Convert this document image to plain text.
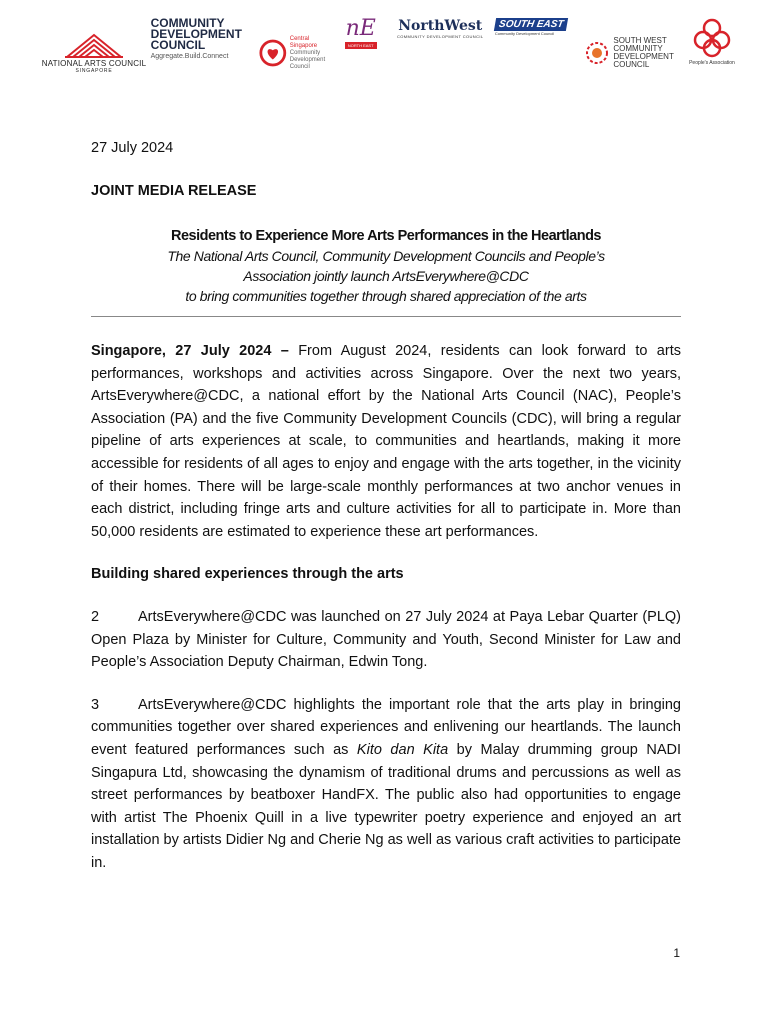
NATIONAL ARTS COUNCIL
SINGAPORE
COMMUNITY
DEVELOPMENT
COUNCIL
Aggregate.Build.Connect
Central
Singapore
Community
Development
Council
nE
NORTH EAST
NorthWest
COMMUNITY DEVELOPMENT COUNCIL
SOUTH EAST
Community Development Council
SOUTH WEST
COMMUNITY
DEVELOPMENT
COUNCIL	People's Association
27 July 2024
JOINT MEDIA RELEASE
Residents to Experience More Arts Performances in the Heartlands
The National Arts Council, Community Development Councils and People’s
Association jointly launch ArtsEverywhere@CDC
to bring communities together through shared appreciation of the arts

Singapore, 27 July 2024 – From August 2024, residents can look forward to arts performances, workshops and activities across Singapore. Over the next two years, ArtsEverywhere@CDC, a national effort by the National Arts Council (NAC), People’s Association (PA) and the five Community Development Councils (CDC), will bring a regular pipeline of arts experiences at scale, to communities and heartlands, making it more accessible for residents of all ages to enjoy and engage with the arts together, in the vicinity of their homes. There will be large-scale monthly performances at two anchor venues in each district, including fringe arts and culture activities for all to participate in. More than 50,000 residents are estimated to experience these art performances.

Building shared experiences through the arts

2	ArtsEverywhere@CDC was launched on 27 July 2024 at Paya Lebar Quarter (PLQ) Open Plaza by Minister for Culture, Community and Youth, Second Minister for Law and People’s Association Deputy Chairman, Edwin Tong.

3	ArtsEverywhere@CDC highlights the important role that the arts play in bringing communities together over shared experiences and enlivening our heartlands. The launch event featured performances such as Kito dan Kita by Malay drumming group NADI Singapura Ltd, showcasing the dynamism of traditional drums and percussions as well as street performances by beatboxer HandFX. The public also had opportunities to engage with artist The Phoenix Quill in a live typewriter poetry experience and enjoyed an art installation by artists Didier Ng and Cherie Ng as well as various craft activities to participate in.

1
